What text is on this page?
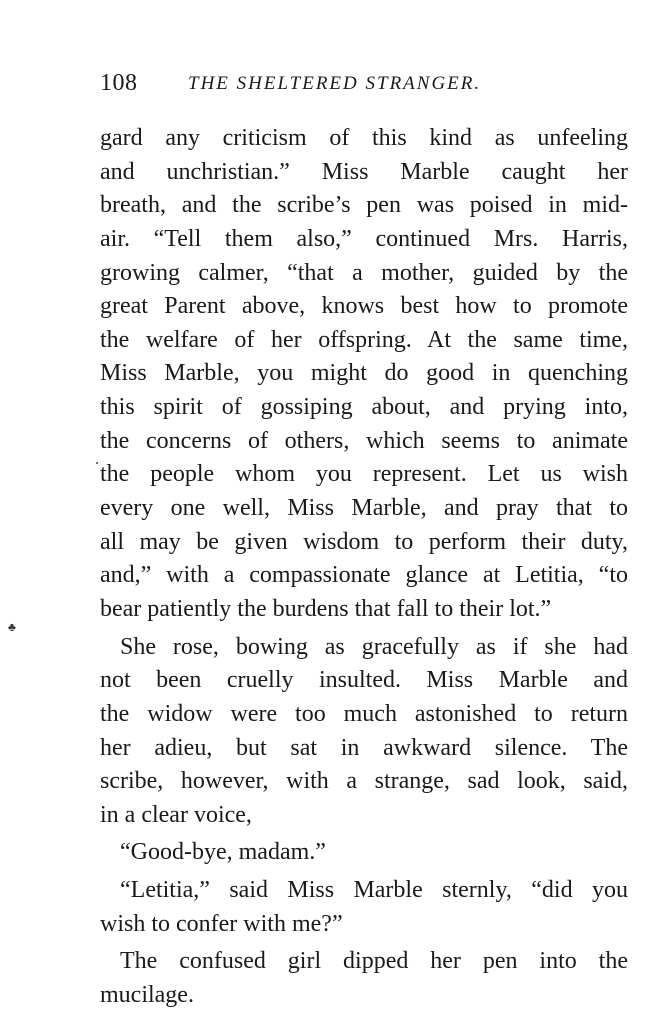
108	THE SHELTERED STRANGER.
♣
gard any criticism of this kind as unfeeling
and unchristian.” Miss Marble caught her
breath, and the scribe’s pen was poised in mid-
air. “Tell them also,” continued Mrs. Harris,
growing calmer, “that a mother, guided by the
great Parent above, knows best how to promote
the welfare of her offspring. At the same time,
Miss Marble, you might do good in quenching
this spirit of gossiping about, and prying into,
the concerns of others, which seems to animate
the people whom you represent. Let us wish
every one well, Miss Marble, and pray that to
all may be given wisdom to perform their duty,
and,” with a compassionate glance at Letitia, “to
bear patiently the burdens that fall to their lot.”
She rose, bowing as gracefully as if she had
not been cruelly insulted. Miss Marble and
the widow were too much astonished to return
her adieu, but sat in awkward silence. The
scribe, however, with a strange, sad look, said,
in a clear voice,
“Good-bye, madam.”
“Letitia,” said Miss Marble sternly, “did you
wish to confer with me?”
The confused girl dipped her pen into the
mucilage.
